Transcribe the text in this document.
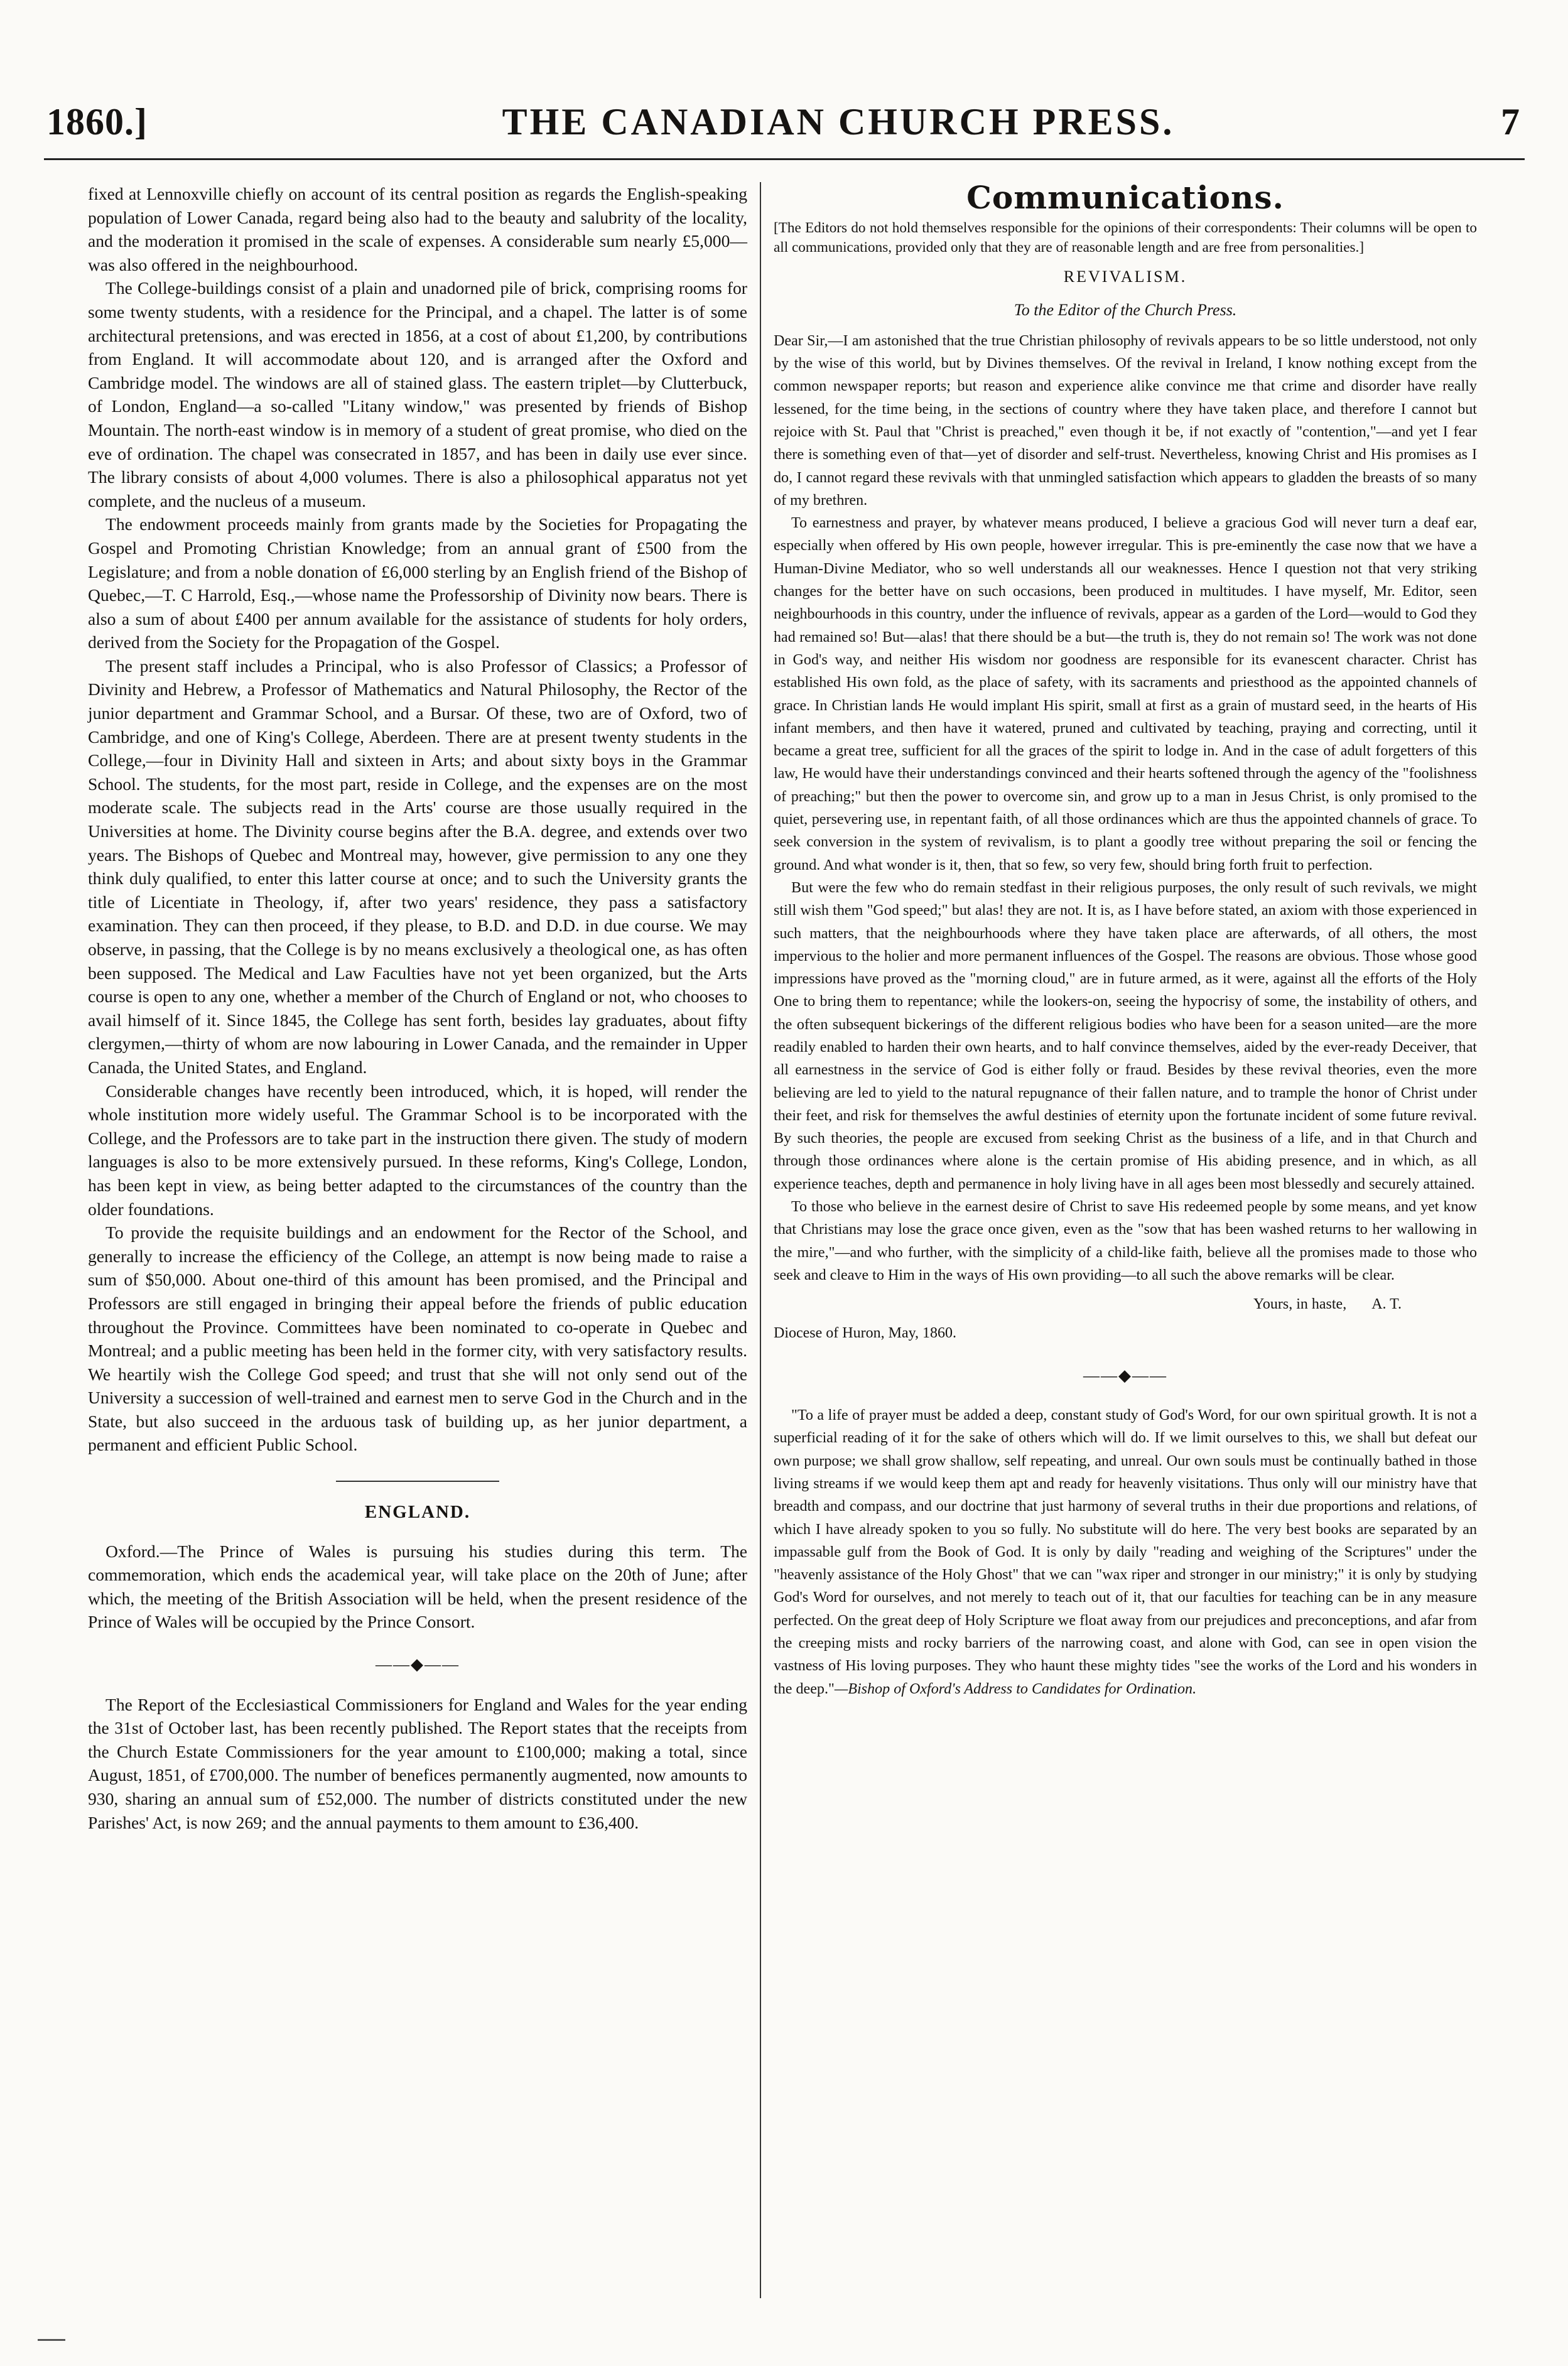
1860.]	THE CANADIAN CHURCH PRESS.	7

fixed at Lennoxville chiefly on account of its central position as regards the English-speaking population of Lower Canada, regard being also had to the beauty and salubrity of the locality, and the moderation it promised in the scale of expenses. A considerable sum nearly £5,000—was also offered in the neighbourhood.

The College-buildings consist of a plain and unadorned pile of brick, comprising rooms for some twenty students, with a residence for the Principal, and a chapel. The latter is of some architectural pretensions, and was erected in 1856, at a cost of about £1,200, by contributions from England. It will accommodate about 120, and is arranged after the Oxford and Cambridge model. The windows are all of stained glass. The eastern triplet—by Clutterbuck, of London, England—a so-called "Litany window," was presented by friends of Bishop Mountain. The north-east window is in memory of a student of great promise, who died on the eve of ordination. The chapel was consecrated in 1857, and has been in daily use ever since. The library consists of about 4,000 volumes. There is also a philosophical apparatus not yet complete, and the nucleus of a museum.

The endowment proceeds mainly from grants made by the Societies for Propagating the Gospel and Promoting Christian Knowledge; from an annual grant of £500 from the Legislature; and from a noble donation of £6,000 sterling by an English friend of the Bishop of Quebec,—T. C Harrold, Esq.,—whose name the Professorship of Divinity now bears. There is also a sum of about £400 per annum available for the assistance of students for holy orders, derived from the Society for the Propagation of the Gospel.

The present staff includes a Principal, who is also Professor of Classics; a Professor of Divinity and Hebrew, a Professor of Mathematics and Natural Philosophy, the Rector of the junior department and Grammar School, and a Bursar. Of these, two are of Oxford, two of Cambridge, and one of King's College, Aberdeen. There are at present twenty students in the College,—four in Divinity Hall and sixteen in Arts; and about sixty boys in the Grammar School. The students, for the most part, reside in College, and the expenses are on the most moderate scale. The subjects read in the Arts' course are those usually required in the Universities at home. The Divinity course begins after the B.A. degree, and extends over two years. The Bishops of Quebec and Montreal may, however, give permission to any one they think duly qualified, to enter this latter course at once; and to such the University grants the title of Licentiate in Theology, if, after two years' residence, they pass a satisfactory examination. They can then proceed, if they please, to B.D. and D.D. in due course. We may observe, in passing, that the College is by no means exclusively a theological one, as has often been supposed. The Medical and Law Faculties have not yet been organized, but the Arts course is open to any one, whether a member of the Church of England or not, who chooses to avail himself of it. Since 1845, the College has sent forth, besides lay graduates, about fifty clergymen,—thirty of whom are now labouring in Lower Canada, and the remainder in Upper Canada, the United States, and England.

Considerable changes have recently been introduced, which, it is hoped, will render the whole institution more widely useful. The Grammar School is to be incorporated with the College, and the Professors are to take part in the instruction there given. The study of modern languages is also to be more extensively pursued. In these reforms, King's College, London, has been kept in view, as being better adapted to the circumstances of the country than the older foundations.

To provide the requisite buildings and an endowment for the Rector of the School, and generally to increase the efficiency of the College, an attempt is now being made to raise a sum of $50,000. About one-third of this amount has been promised, and the Principal and Professors are still engaged in bringing their appeal before the friends of public education throughout the Province. Committees have been nominated to co-operate in Quebec and Montreal; and a public meeting has been held in the former city, with very satisfactory results. We heartily wish the College God speed; and trust that she will not only send out of the University a succession of well-trained and earnest men to serve God in the Church and in the State, but also succeed in the arduous task of building up, as her junior department, a permanent and efficient Public School.

ENGLAND.

Oxford.—The Prince of Wales is pursuing his studies during this term. The commemoration, which ends the academical year, will take place on the 20th of June; after which, the meeting of the British Association will be held, when the present residence of the Prince of Wales will be occupied by the Prince Consort.

——◆——

The Report of the Ecclesiastical Commissioners for England and Wales for the year ending the 31st of October last, has been recently published. The Report states that the receipts from the Church Estate Commissioners for the year amount to £100,000; making a total, since August, 1851, of £700,000. The number of benefices permanently augmented, now amounts to 930, sharing an annual sum of £52,000. The number of districts constituted under the new Parishes' Act, is now 269; and the annual payments to them amount to £36,400.

Communications.
[The Editors do not hold themselves responsible for the opinions of their correspondents: Their columns will be open to all communications, provided only that they are of reasonable length and are free from personalities.]
REVIVALISM.
To the Editor of the Church Press.

Dear Sir,—I am astonished that the true Christian philosophy of revivals appears to be so little understood, not only by the wise of this world, but by Divines themselves. Of the revival in Ireland, I know nothing except from the common newspaper reports; but reason and experience alike convince me that crime and disorder have really lessened, for the time being, in the sections of country where they have taken place, and therefore I cannot but rejoice with St. Paul that "Christ is preached," even though it be, if not exactly of "contention,"—and yet I fear there is something even of that—yet of disorder and self-trust. Nevertheless, knowing Christ and His promises as I do, I cannot regard these revivals with that unmingled satisfaction which appears to gladden the breasts of so many of my brethren.

To earnestness and prayer, by whatever means produced, I believe a gracious God will never turn a deaf ear, especially when offered by His own people, however irregular. This is pre-eminently the case now that we have a Human-Divine Mediator, who so well understands all our weaknesses. Hence I question not that very striking changes for the better have on such occasions, been produced in multitudes. I have myself, Mr. Editor, seen neighbourhoods in this country, under the influence of revivals, appear as a garden of the Lord—would to God they had remained so! But—alas! that there should be a but—the truth is, they do not remain so! The work was not done in God's way, and neither His wisdom nor goodness are responsible for its evanescent character. Christ has established His own fold, as the place of safety, with its sacraments and priesthood as the appointed channels of grace. In Christian lands He would implant His spirit, small at first as a grain of mustard seed, in the hearts of His infant members, and then have it watered, pruned and cultivated by teaching, praying and correcting, until it became a great tree, sufficient for all the graces of the spirit to lodge in. And in the case of adult forgetters of this law, He would have their understandings convinced and their hearts softened through the agency of the "foolishness of preaching;" but then the power to overcome sin, and grow up to a man in Jesus Christ, is only promised to the quiet, persevering use, in repentant faith, of all those ordinances which are thus the appointed channels of grace. To seek conversion in the system of revivalism, is to plant a goodly tree without preparing the soil or fencing the ground. And what wonder is it, then, that so few, so very few, should bring forth fruit to perfection.

But were the few who do remain stedfast in their religious purposes, the only result of such revivals, we might still wish them "God speed;" but alas! they are not. It is, as I have before stated, an axiom with those experienced in such matters, that the neighbourhoods where they have taken place are afterwards, of all others, the most impervious to the holier and more permanent influences of the Gospel. The reasons are obvious. Those whose good impressions have proved as the "morning cloud," are in future armed, as it were, against all the efforts of the Holy One to bring them to repentance; while the lookers-on, seeing the hypocrisy of some, the instability of others, and the often subsequent bickerings of the different religious bodies who have been for a season united—are the more readily enabled to harden their own hearts, and to half convince themselves, aided by the ever-ready Deceiver, that all earnestness in the service of God is either folly or fraud. Besides by these revival theories, even the more believing are led to yield to the natural repugnance of their fallen nature, and to trample the honor of Christ under their feet, and risk for themselves the awful destinies of eternity upon the fortunate incident of some future revival. By such theories, the people are excused from seeking Christ as the business of a life, and in that Church and through those ordinances where alone is the certain promise of His abiding presence, and in which, as all experience teaches, depth and permanence in holy living have in all ages been most blessedly and securely attained.

To those who believe in the earnest desire of Christ to save His redeemed people by some means, and yet know that Christians may lose the grace once given, even as the "sow that has been washed returns to her wallowing in the mire,"—and who further, with the simplicity of a child-like faith, believe all the promises made to those who seek and cleave to Him in the ways of His own providing—to all such the above remarks will be clear.

Yours, in haste, A. T.
Diocese of Huron, May, 1860.
——◆——
"To a life of prayer must be added a deep, constant study of God's Word, for our own spiritual growth. It is not a superficial reading of it for the sake of others which will do. If we limit ourselves to this, we shall but defeat our own purpose; we shall grow shallow, self repeating, and unreal. Our own souls must be continually bathed in those living streams if we would keep them apt and ready for heavenly visitations. Thus only will our ministry have that breadth and compass, and our doctrine that just harmony of several truths in their due proportions and relations, of which I have already spoken to you so fully. No substitute will do here. The very best books are separated by an impassable gulf from the Book of God. It is only by daily "reading and weighing of the Scriptures" under the "heavenly assistance of the Holy Ghost" that we can "wax riper and stronger in our ministry;" it is only by studying God's Word for ourselves, and not merely to teach out of it, that our faculties for teaching can be in any measure perfected. On the great deep of Holy Scripture we float away from our prejudices and preconceptions, and afar from the creeping mists and rocky barriers of the narrowing coast, and alone with God, can see in open vision the vastness of His loving purposes. They who haunt these mighty tides "see the works of the Lord and his wonders in the deep."—Bishop of Oxford's Address to Candidates for Ordination.
